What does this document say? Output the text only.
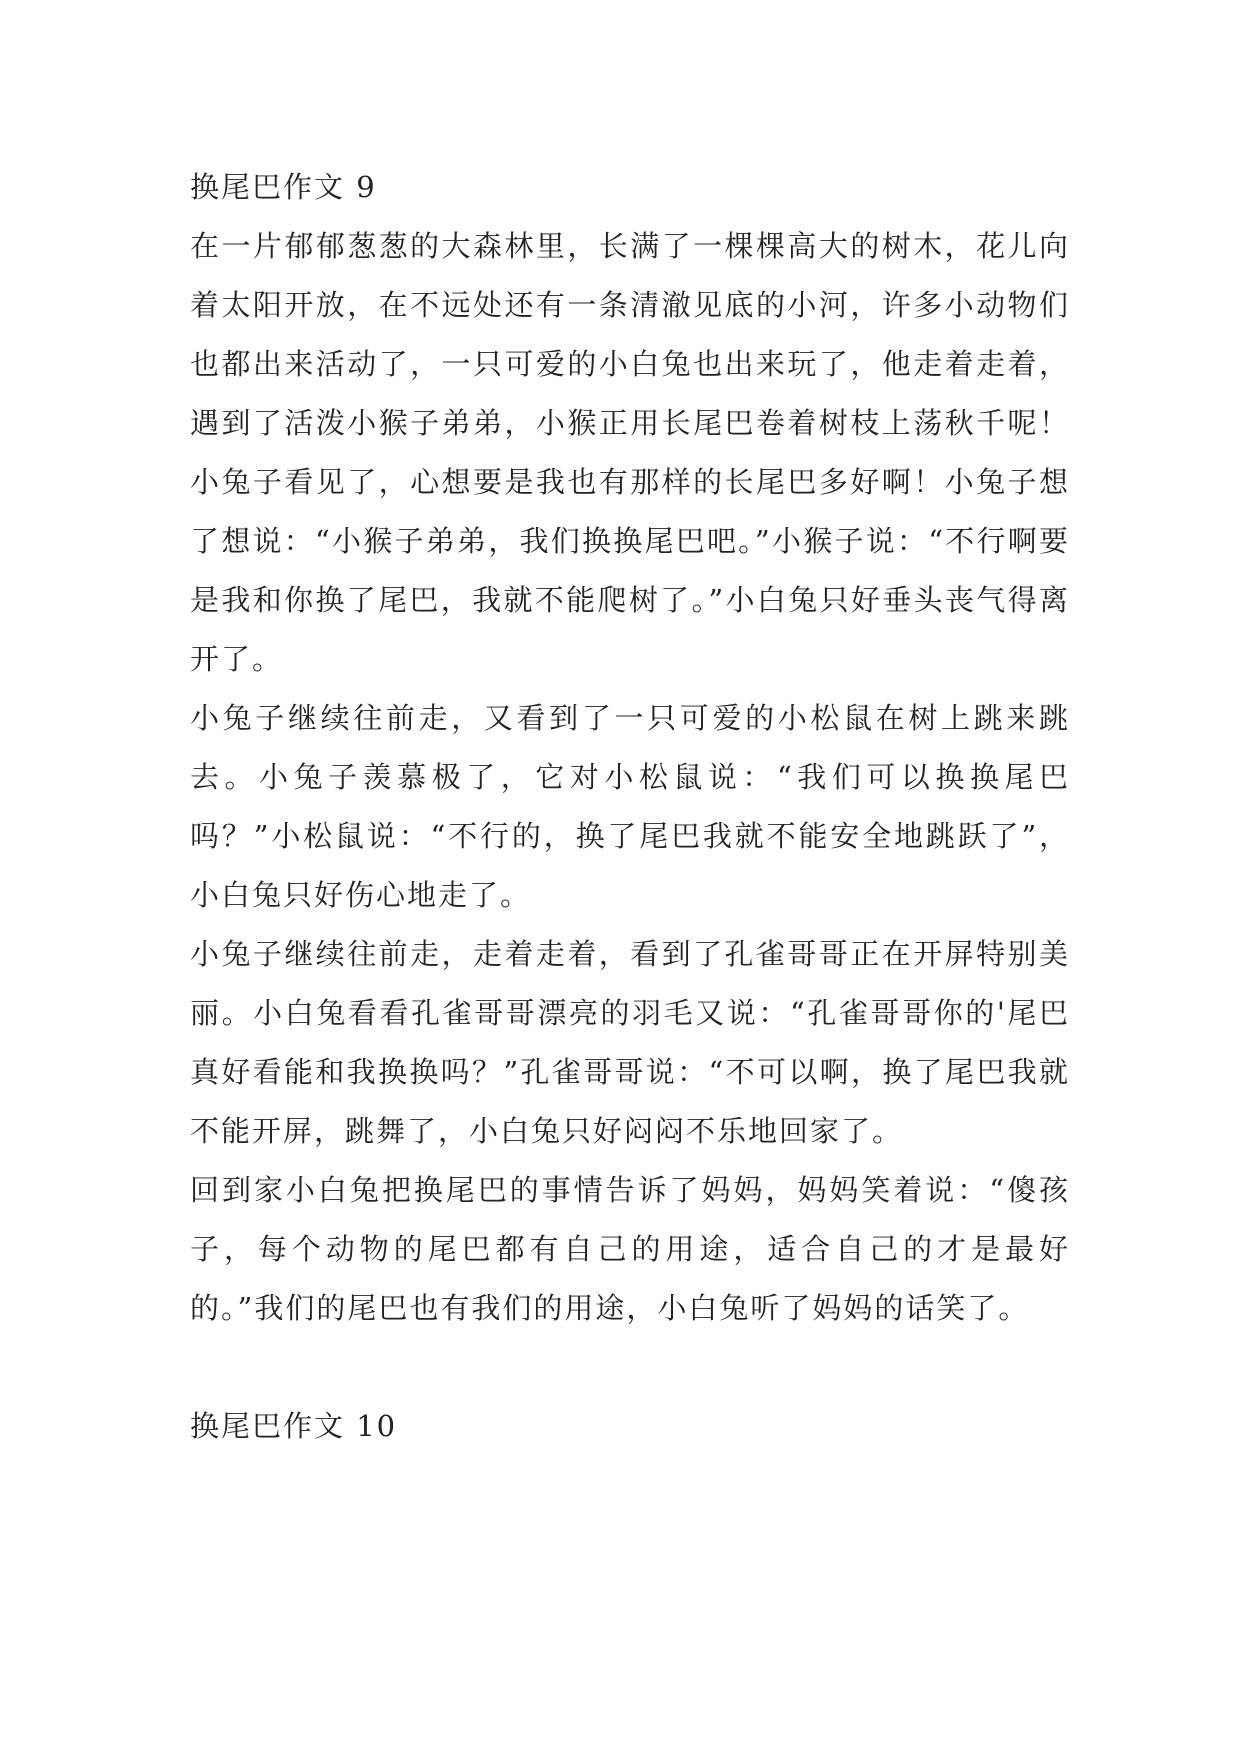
换尾巴作文 9

在一片郁郁葱葱的大森林里，长满了一棵棵高大的树木，花儿向着太阳开放，在不远处还有一条清澈见底的小河，许多小动物们也都出来活动了，一只可爱的小白兔也出来玩了，他走着走着，遇到了活泼小猴子弟弟，小猴正用长尾巴卷着树枝上荡秋千呢！小兔子看见了，心想要是我也有那样的长尾巴多好啊！小兔子想了想说：“小猴子弟弟，我们换换尾巴吧。”小猴子说：“不行啊要是我和你换了尾巴，我就不能爬树了。”小白兔只好垂头丧气得离开了。

小兔子继续往前走，又看到了一只可爱的小松鼠在树上跳来跳去。小兔子羡慕极了，它对小松鼠说：“我们可以换换尾巴吗？”小松鼠说：“不行的，换了尾巴我就不能安全地跳跃了”，小白兔只好伤心地走了。

小兔子继续往前走，走着走着，看到了孔雀哥哥正在开屏特别美丽。小白兔看看孔雀哥哥漂亮的羽毛又说：“孔雀哥哥你的'尾巴真好看能和我换换吗？”孔雀哥哥说：“不可以啊，换了尾巴我就不能开屏，跳舞了，小白兔只好闷闷不乐地回家了。

回到家小白兔把换尾巴的事情告诉了妈妈，妈妈笑着说：“傻孩子，每个动物的尾巴都有自己的用途，适合自己的才是最好的。”我们的尾巴也有我们的用途，小白兔听了妈妈的话笑了。

换尾巴作文 10
